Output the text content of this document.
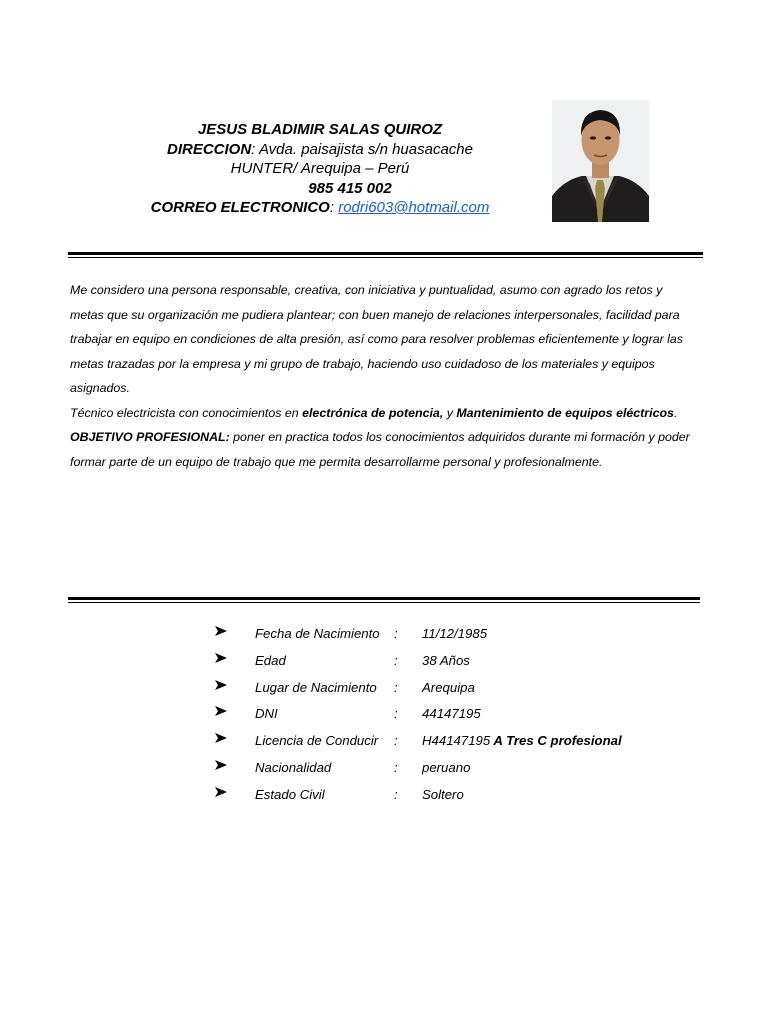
JESUS BLADIMIR SALAS QUIROZ
DIRECCION: Avda. paisajista s/n huasacache
HUNTER/ Arequipa – Perú
985 415 002
CORREO ELECTRONICO: rodri603@hotmail.com

Me considero una persona responsable, creativa, con iniciativa y puntualidad, asumo con agrado los retos y metas que su organización me pudiera plantear; con buen manejo de relaciones interpersonales, facilidad para trabajar en equipo en condiciones de alta presión, así como para resolver problemas eficientemente y lograr las metas trazadas por la empresa y mi grupo de trabajo, haciendo uso cuidadoso de los materiales y equipos asignados.

Técnico electricista con conocimientos en electrónica de potencia, y Mantenimiento de equipos eléctricos.

OBJETIVO PROFESIONAL: poner en practica todos los conocimientos adquiridos durante mi formación y poder formar parte de un equipo de trabajo que me permita desarrollarme personal y profesionalmente.

Fecha de Nacimiento : 11/12/1985
Edad	: 38 Años
Lugar de Nacimiento : Arequipa
DNI	: 44147195
Licencia de Conducir : H44147195 A Tres C profesional
Nacionalidad	: peruano
Estado Civil	: Soltero
